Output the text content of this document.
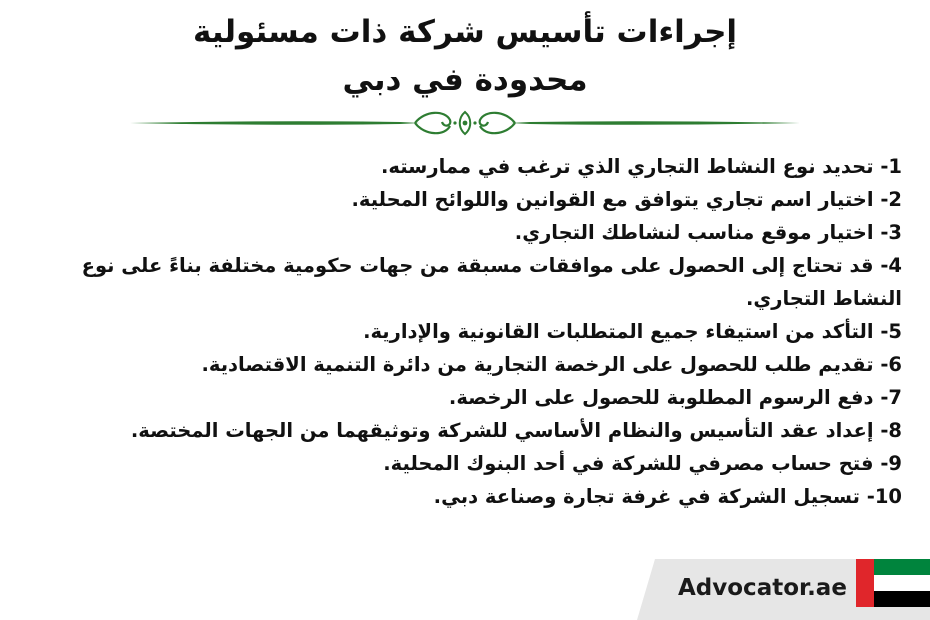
إجراءات تأسيس شركة ذات مسئولية
محدودة في دبي
1- تحديد نوع النشاط التجاري الذي ترغب في ممارسته.
2- اختيار اسم تجاري يتوافق مع القوانين واللوائح المحلية.
3- اختيار موقع مناسب لنشاطك التجاري.
4- قد تحتاج إلى الحصول على موافقات مسبقة من جهات حكومية مختلفة بناءً على نوع النشاط التجاري.
5- التأكد من استيفاء جميع المتطلبات القانونية والإدارية.
6- تقديم طلب للحصول على الرخصة التجارية من دائرة التنمية الاقتصادية.
7- دفع الرسوم المطلوبة للحصول على الرخصة.
8- إعداد عقد التأسيس والنظام الأساسي للشركة وتوثيقهما من الجهات المختصة.
9- فتح حساب مصرفي للشركة في أحد البنوك المحلية.
10- تسجيل الشركة في غرفة تجارة وصناعة دبي.
Advocator.ae
